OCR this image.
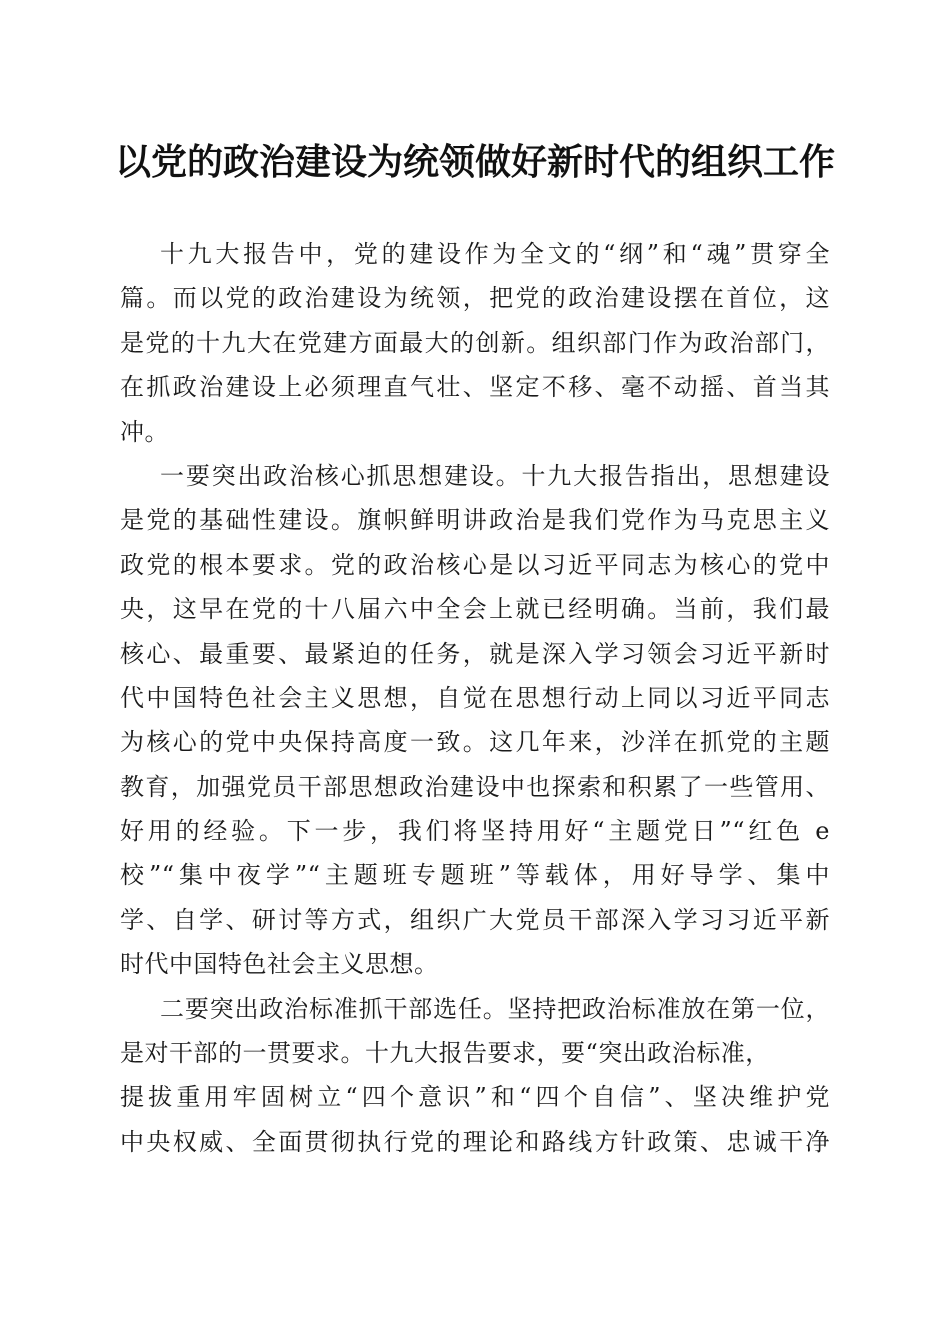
以党的政治建设为统领做好新时代的组织工作
十九大报告中，党的建设作为全文的“纲”和“魂”贯穿全
篇。而以党的政治建设为统领，把党的政治建设摆在首位，这
是党的十九大在党建方面最大的创新。组织部门作为政治部门，
在抓政治建设上必须理直气壮、坚定不移、毫不动摇、首当其
冲。
一要突出政治核心抓思想建设。十九大报告指出，思想建设
是党的基础性建设。旗帜鲜明讲政治是我们党作为马克思主义
政党的根本要求。党的政治核心是以习近平同志为核心的党中
央，这早在党的十八届六中全会上就已经明确。当前，我们最
核心、最重要、最紧迫的任务，就是深入学习领会习近平新时
代中国特色社会主义思想，自觉在思想行动上同以习近平同志
为核心的党中央保持高度一致。这几年来，沙洋在抓党的主题
教育，加强党员干部思想政治建设中也探索和积累了一些管用、
好用的经验。下一步，我们将坚持用好“主题党日”“红色 e
校”“集中夜学”“主题班专题班”等载体，用好导学、集中
学、自学、研讨等方式，组织广大党员干部深入学习习近平新
时代中国特色社会主义思想。
二要突出政治标准抓干部选任。坚持把政治标准放在第一位，
是对干部的一贯要求。十九大报告要求，要“突出政治标准，
提拔重用牢固树立“四个意识”和“四个自信”、坚决维护党
中央权威、全面贯彻执行党的理论和路线方针政策、忠诚干净
